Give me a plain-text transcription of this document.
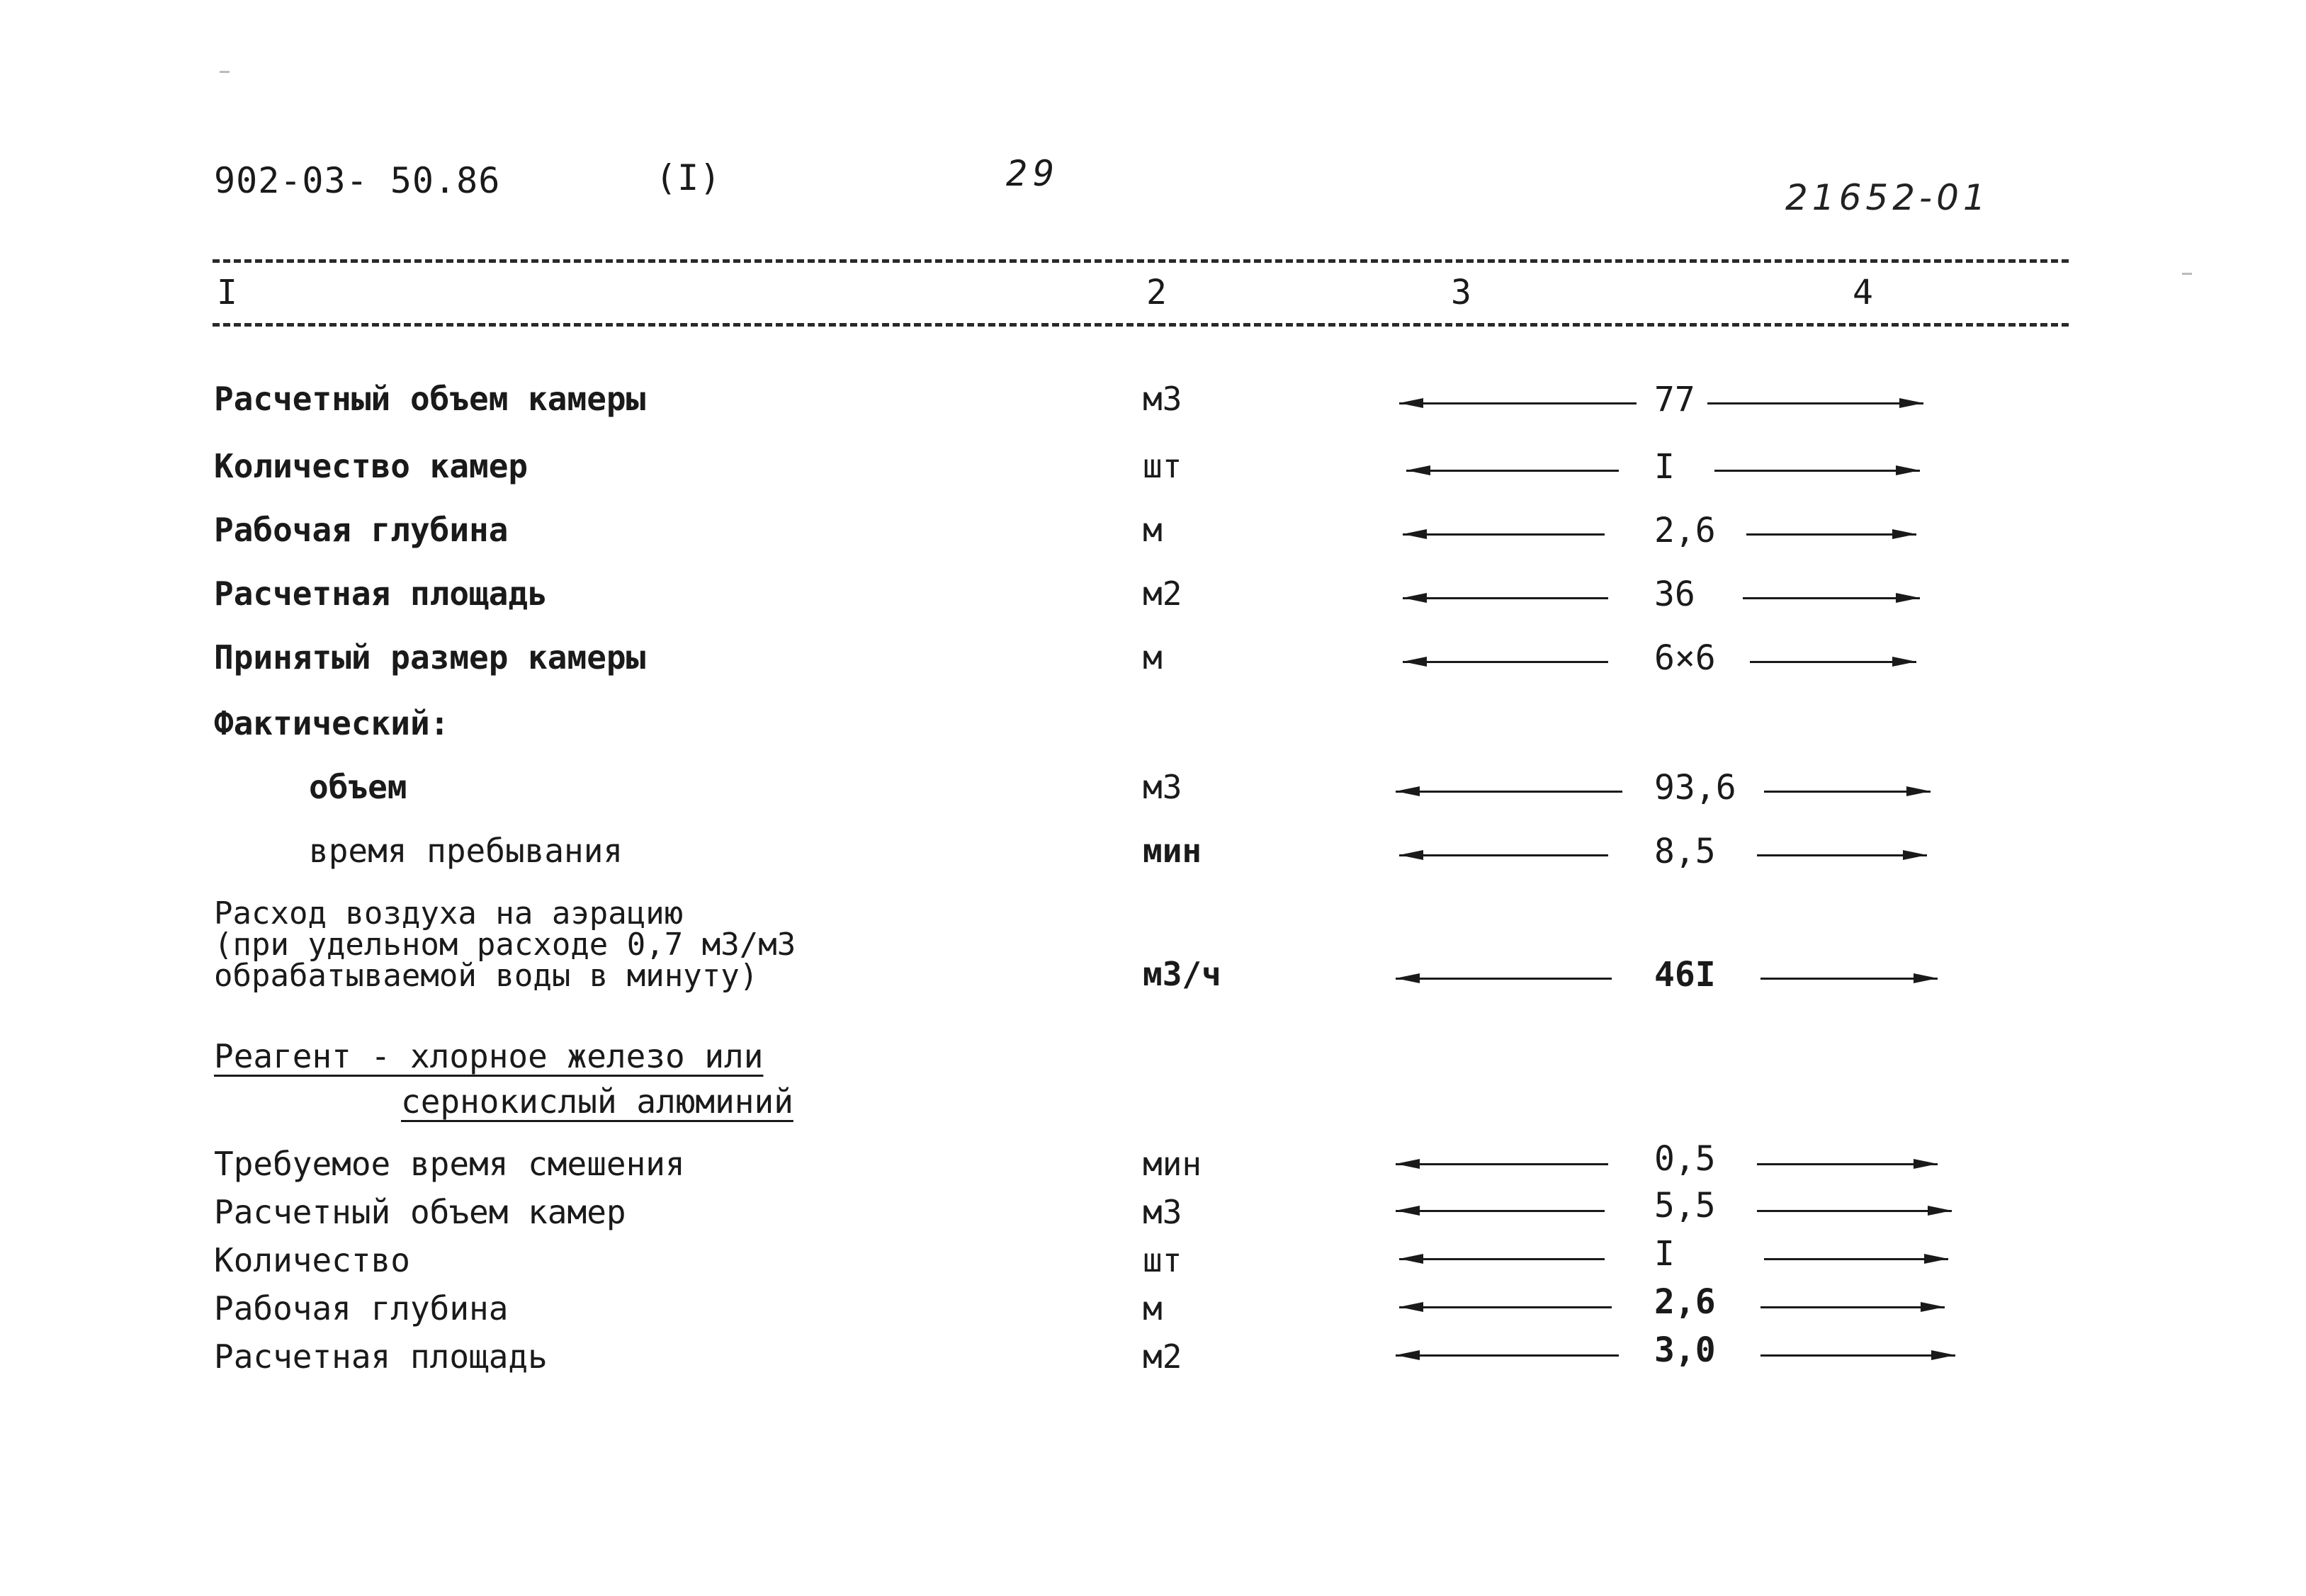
902-03- 50.86	(I)	29
21652-01
I	2	3	4
Расчетный объем камеры	м3	77
Количество камер	шт	I
Рабочая глубина	м	2,6
Расчетная площадь	м2	36
Принятый размер камеры	м	6×6
Фактический:
объем	м3	93,6
время пребывания	мин	8,5
Расход воздуха на аэрацию
(при удельном расходе 0,7 м3/м3
обрабатываемой воды в минуту)	м3/ч	46I
Реагент - хлорное железо или
сернокислый алюминий
Требуемое время смешения	мин	0,5
Расчетный объем камер	м3	5,5
Количество	шт	I
Рабочая глубина	м	2,6
Расчетная площадь	м2	3,0
